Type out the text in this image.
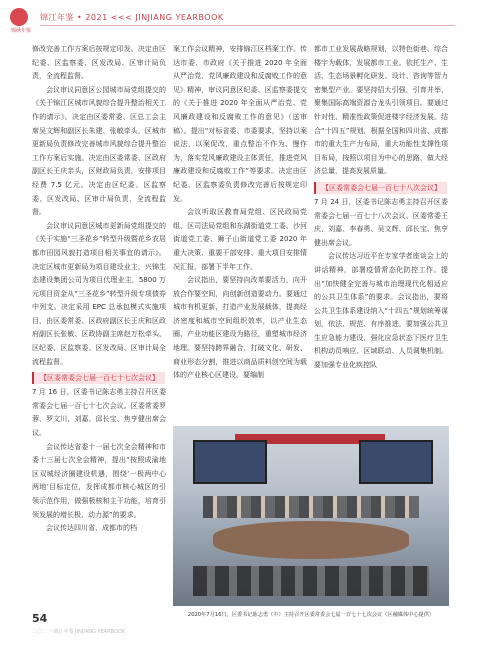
锦绣年鉴
锦江年鉴 • 2021 <<< JINJIANG YEARBOOK

修改完善工作方案后按规定印发。决定由区纪委、区监察委、区发改局、区审计局负责，全流程监督。

会议审议同意区公园城市局党组提交的《关于锦江区城市风貌综合提升整治相关工作的请示》。决定由区委常委、区总工会主席吴文辉和副区长朱建、张敏牵头，区城市更新局负责修改完善城市风貌综合提升整治工作方案后实施。决定由区委常委、区政府副区长王庆亲头，区财政局负责，安排项目经费 7.5 亿元。决定由区纪委、区监察委、区发改局、区审计局负责，全流程监督。

会议审议同意区城市更新局党组提交的《关于实施“三圣花乡”转型升级暨花乡农居都市田园风貌打造项目相关事宜的请示》。决定区城市更新局为项目建设业主，兴锦生态建设集团公司为项目代理业主，5800 万元项目资金从“三圣花乡”转型升级专项债券中列支。决定采用 EPC 总承包模式实施项目，由区委常委、区政府副区长王庆和区政府副区长张敏、区政协副主席赵万松牵头，区纪委、区监察委、区发改局、区审计局全流程监督。

【区委常委会七届一百七十七次会议】

7 月 16 日，区委书记陈志勇主持召开区委常委会七届一百七十七次会议。区委常委罗蓉、罗文川、刘嘉、邱长宝、焦亨健出席会议。

会议传达省委十一届七次全会精神和市委十三届七次全会精神，提出“按照成渝地区双城经济圈建设机遇，围绕‘一极两中心两地’目标定位，发挥成都市核心城区的引领示范作用，做强极核和主干功能，培育引领发展的增长极、动力源”的要求。

会议传达四川省、成都市的档

案工作会议精神，安排锦江区档案工作。传达市委、市政府《关于推进 2020 年全面从严治党、党风廉政建设和反腐败工作的意见》精神，审议同意区纪委、区监察委提交的《关于推进 2020 年全面从严治党、党风廉政建设和反腐败工作的意见》（送审稿）。提出“对标省委、市委要求，坚持以案说法，以案促改，重点整治不作为、慢作为，落实党风廉政建设主体责任，推进党风廉政建设和反腐败工作”等要求。决定由区纪委、区监察委负责修改完善后按规定印发。

会议听取区教育局党组、区民政局党组、区司法局党组和东湖街道党工委、沙河街道党工委、狮子山街道党工委 2020 年重大决策、重要干部安排、重大项目安排情况汇报，部署下半年工作。

会议指出，要坚持向改革要活力，向开放合作要空间，向创新创造要动力。要通过城市有机更新，打造产业发展载体，提高经济密度和城市空间组织效率，以产业生态圈、产业功能区建设为路径，重塑城市经济地理。要坚持跨界融合，打破文化、研发、商业形态分割，推进以商品质料创空间为载体的产业核心区建设。要编制

都市工业发展战略规划，以特色街巷、综合楼宇为载体，发展都市工业。依托生产、生活、生态场景孵化研发、设计、咨询等智力密集型产业。要坚持招大引强，引育并举，聚集国际高端资源合龙头引领项目。要通过针对性、精准性政策促进楼宇经济发展。结合“十四五”规划，根据全国和四川省、成都市的重大生产力布局，重大功能性支撑性项目布局，按照以项目为中心的思路，做大经济总量，提高发展质量。

【区委常委会七届一百七十八次会议】

7 月 24 日，区委书记陈志勇主持召开区委常委会七届一百七十八次会议。区委常委王庆、刘嘉、李春勇、吴文辉、邱长宝、焦亨健出席会议。

会议传达习近平在专家学者座谈会上的讲话精神，部署疫情常态化防控工作。提出“加快健全完善与城市治理现代化相适应的公共卫生体系”的要求。会议指出，要将公共卫生体系建设纳入“十四五”规划统筹谋划，依法、规范、有序推进。要加强公共卫生应急能力建设，强化应急状态下医疗卫生机构动员响应、区域联动、人员调集机制。要加强专业化疾控队

2020年7月16日，区委书记陈志勇（中）主持召开区委常委会七届一百七十七次会议（区融媒体中心提供）
54
二〇二一·锦江年鉴 JINJIANG YEARBOOK
